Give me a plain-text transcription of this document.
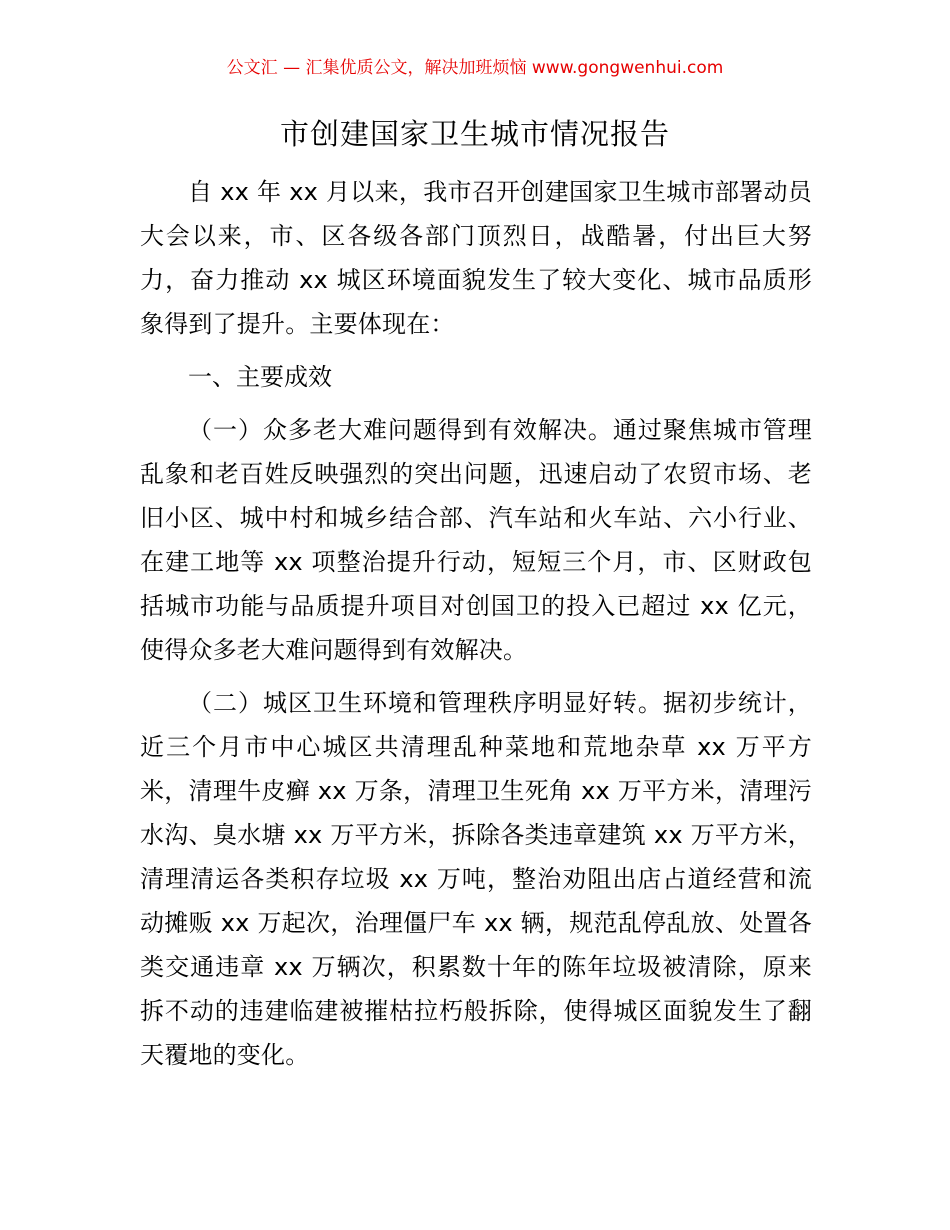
公文汇 — 汇集优质公文，解决加班烦恼 www.gongwenhui.com
市创建国家卫生城市情况报告

自 xx 年 xx 月以来，我市召开创建国家卫生城市部署动员大会以来，市、区各级各部门顶烈日，战酷暑，付出巨大努力，奋力推动 xx 城区环境面貌发生了较大变化、城市品质形象得到了提升。主要体现在：

一、主要成效

（一）众多老大难问题得到有效解决。通过聚焦城市管理乱象和老百姓反映强烈的突出问题，迅速启动了农贸市场、老旧小区、城中村和城乡结合部、汽车站和火车站、六小行业、在建工地等 xx 项整治提升行动，短短三个月，市、区财政包括城市功能与品质提升项目对创国卫的投入已超过 xx 亿元，使得众多老大难问题得到有效解决。

（二）城区卫生环境和管理秩序明显好转。据初步统计，近三个月市中心城区共清理乱种菜地和荒地杂草 xx 万平方米，清理牛皮癣 xx 万条，清理卫生死角 xx 万平方米，清理污水沟、臭水塘 xx 万平方米，拆除各类违章建筑 xx 万平方米，清理清运各类积存垃圾 xx 万吨，整治劝阻出店占道经营和流动摊贩 xx 万起次，治理僵尸车 xx 辆，规范乱停乱放、处置各类交通违章 xx 万辆次，积累数十年的陈年垃圾被清除，原来拆不动的违建临建被摧枯拉朽般拆除，使得城区面貌发生了翻天覆地的变化。
